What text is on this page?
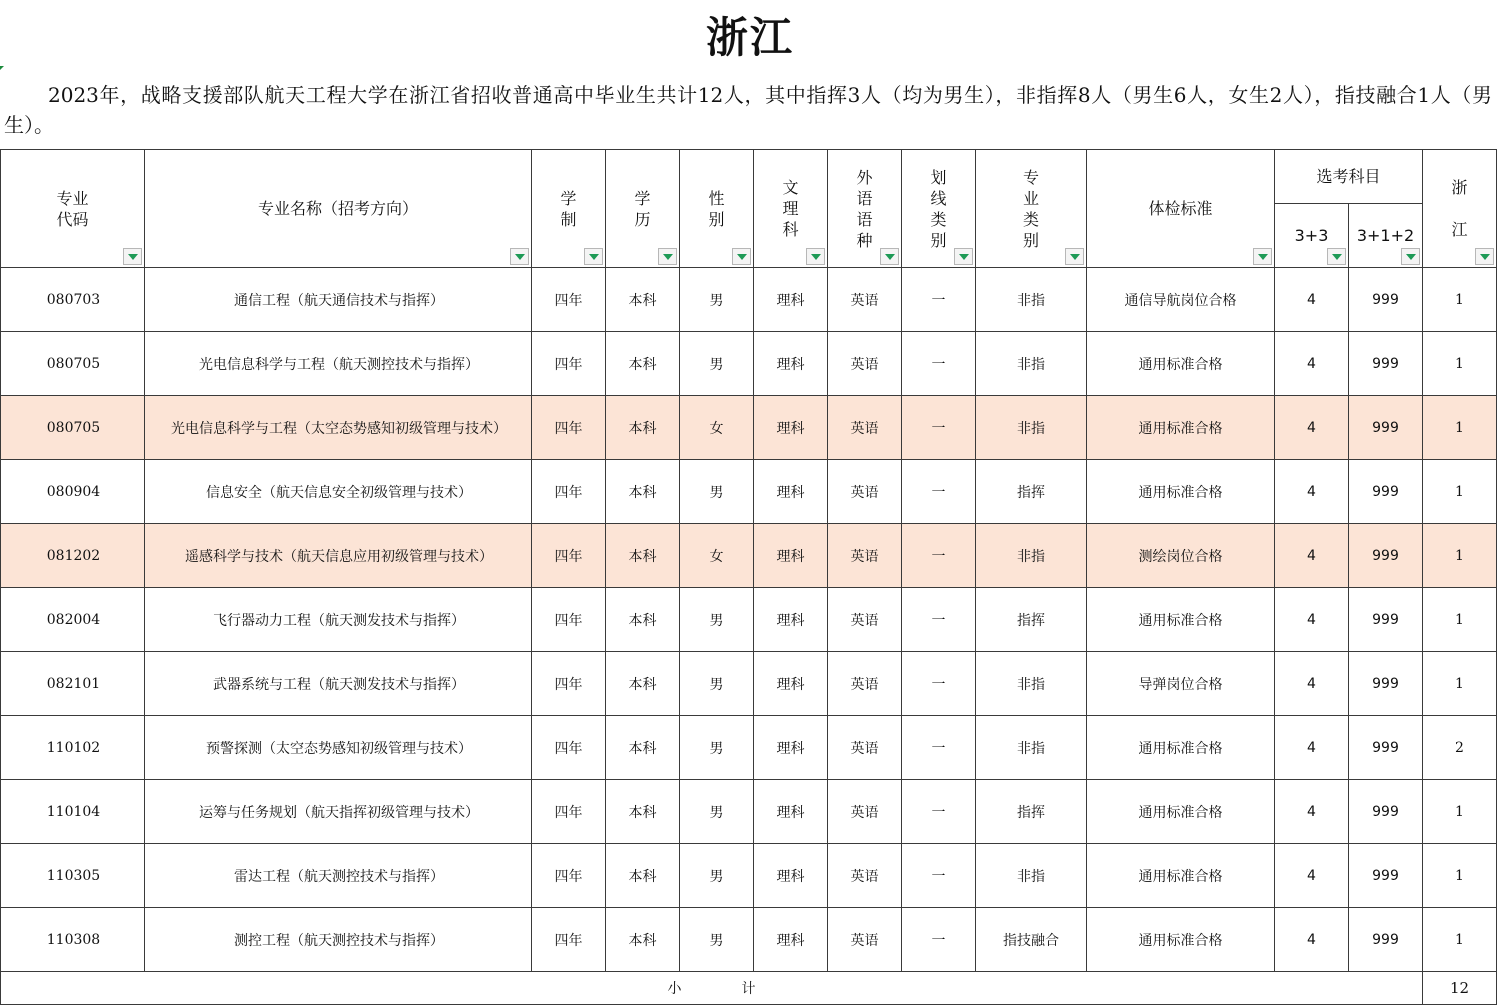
浙江
2023年，战略支援部队航天工程大学在浙江省招收普通高中毕业生共计12人，其中指挥3人（均为男生），非指挥8人（男生6人，女生2人），指技融合1人（男生）。
专业代码	专业名称（招考方向）	学制	学历	性别	文理科	外语语种	划线类别	专业类别	体检标准	选考科目		浙江

										3+3	3+1+2	

080703	通信工程（航天通信技术与指挥）	四年	本科	男	理科	英语	一	非指	通信导航岗位合格	4	999	1
080705	光电信息科学与工程（航天测控技术与指挥）	四年	本科	男	理科	英语	一	非指	通用标准合格	4	999	1
080705	光电信息科学与工程（太空态势感知初级管理与技术）	四年	本科	女	理科	英语	一	非指	通用标准合格	4	999	1
080904	信息安全（航天信息安全初级管理与技术）	四年	本科	男	理科	英语	一	指挥	通用标准合格	4	999	1
081202	遥感科学与技术（航天信息应用初级管理与技术）	四年	本科	女	理科	英语	一	非指	测绘岗位合格	4	999	1
082004	飞行器动力工程（航天测发技术与指挥）	四年	本科	男	理科	英语	一	指挥	通用标准合格	4	999	1
082101	武器系统与工程（航天测发技术与指挥）	四年	本科	男	理科	英语	一	非指	导弹岗位合格	4	999	1
110102	预警探测（太空态势感知初级管理与技术）	四年	本科	男	理科	英语	一	非指	通用标准合格	4	999	2
110104	运筹与任务规划（航天指挥初级管理与技术）	四年	本科	男	理科	英语	一	指挥	通用标准合格	4	999	1
110305	雷达工程（航天测控技术与指挥）	四年	本科	男	理科	英语	一	非指	通用标准合格	4	999	1
110308	测控工程（航天测控技术与指挥）	四年	本科	男	理科	英语	一	指技融合	通用标准合格	4	999	1
小 计												12
